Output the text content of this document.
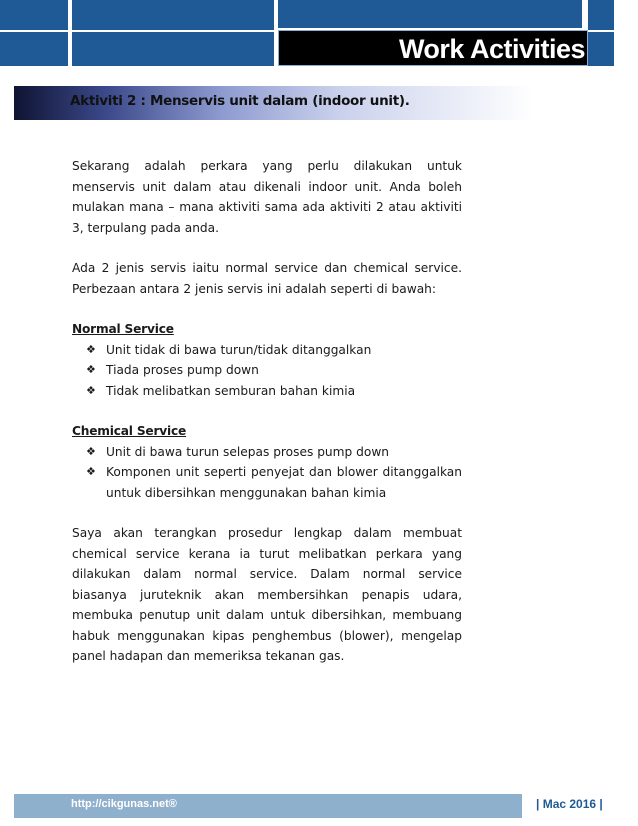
Work Activities
Aktiviti 2 : Menservis unit dalam (indoor unit).

Sekarang adalah perkara yang perlu dilakukan untuk menservis unit dalam atau dikenali indoor unit. Anda boleh mulakan mana – mana aktiviti sama ada aktiviti 2 atau aktiviti 3, terpulang pada anda.

Ada 2 jenis servis iaitu normal service dan chemical service. Perbezaan antara 2 jenis servis ini adalah seperti di bawah:

Normal Service
❖ Unit tidak di bawa turun/tidak ditanggalkan
❖ Tiada proses pump down
❖ Tidak melibatkan semburan bahan kimia
Chemical Service
❖ Unit di bawa turun selepas proses pump down
❖ Komponen unit seperti penyejat dan blower ditanggalkan untuk dibersihkan menggunakan bahan kimia

Saya akan terangkan prosedur lengkap dalam membuat chemical service kerana ia turut melibatkan perkara yang dilakukan dalam normal service. Dalam normal service biasanya juruteknik akan membersihkan penapis udara, membuka penutup unit dalam untuk dibersihkan, membuang habuk menggunakan kipas penghembus (blower), mengelap panel hadapan dan memeriksa tekanan gas.

http://cikgunas.net®	| Mac 2016 |
